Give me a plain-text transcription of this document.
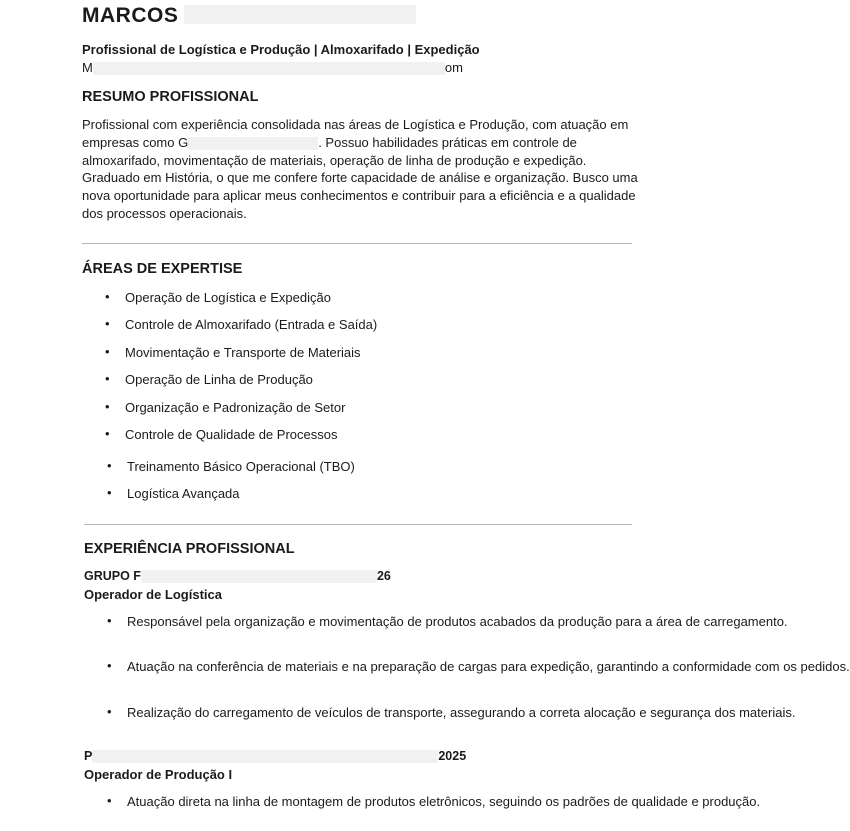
MARCOS
Profissional de Logística e Produção | Almoxarifado | Expedição
M	om
RESUMO PROFISSIONAL
Profissional com experiência consolidada nas áreas de Logística e Produção, com atuação em empresas como G	. Possuo habilidades práticas em controle de almoxarifado, movimentação de materiais, operação de linha de produção e expedição. Graduado em História, o que me confere forte capacidade de análise e organização. Busco uma nova oportunidade para aplicar meus conhecimentos e contribuir para a eficiência e a qualidade dos processos operacionais.
ÁREAS DE EXPERTISE
• Operação de Logística e Expedição
• Controle de Almoxarifado (Entrada e Saída)
• Movimentação e Transporte de Materiais
• Operação de Linha de Produção
• Organização e Padronização de Setor
• Controle de Qualidade de Processos
• Treinamento Básico Operacional (TBO)
• Logística Avançada
EXPERIÊNCIA PROFISSIONAL
GRUPO F	26
Operador de Logística
• Responsável pela organização e movimentação de produtos acabados da produção para a área de carregamento.
• Atuação na conferência de materiais e na preparação de cargas para expedição, garantindo a conformidade com os pedidos.
• Realização do carregamento de veículos de transporte, assegurando a correta alocação e segurança dos materiais.
P	2025
Operador de Produção I
• Atuação direta na linha de montagem de produtos eletrônicos, seguindo os padrões de qualidade e produção.
